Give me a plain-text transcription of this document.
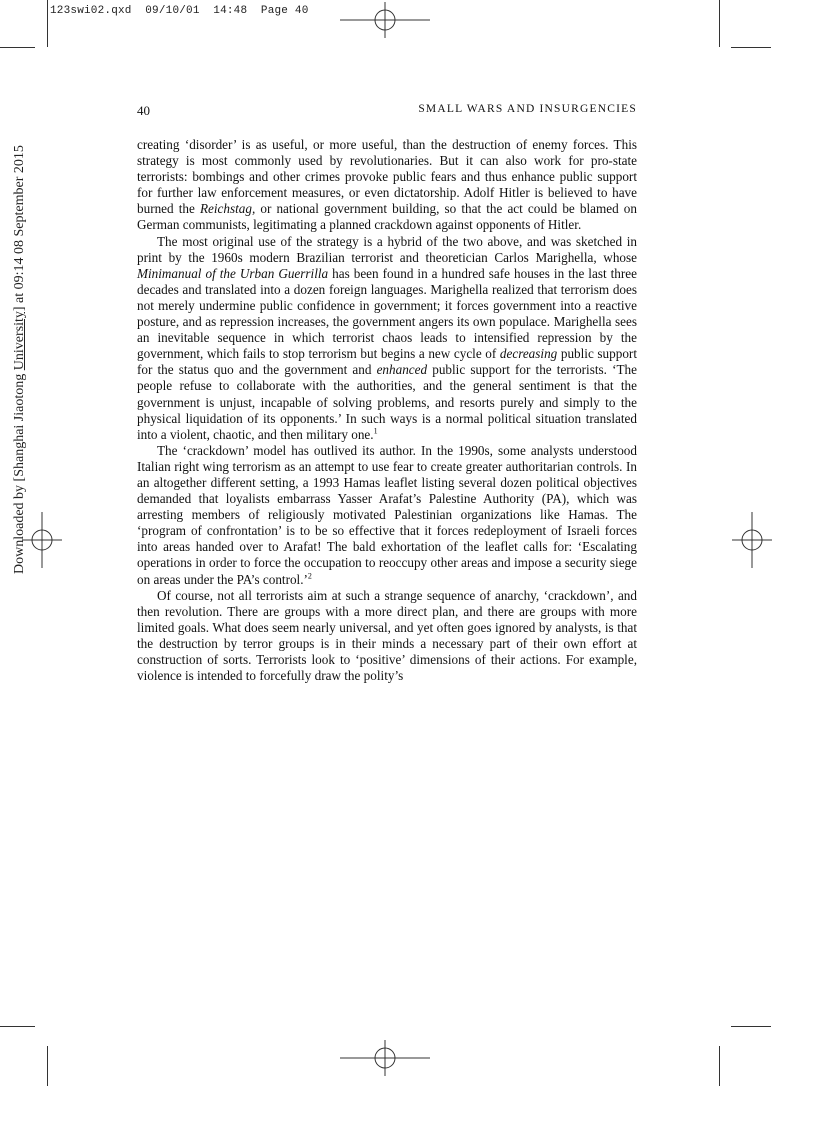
123swi02.qxd 09/10/01 14:48 Page 40
Downloaded by [Shanghai Jiaotong University] at 09:14 08 September 2015
40	SMALL WARS AND INSURGENCIES

creating ‘disorder’ is as useful, or more useful, than the destruction of enemy forces. This strategy is most commonly used by revolutionaries. But it can also work for pro-state terrorists: bombings and other crimes provoke public fears and thus enhance public support for further law enforcement measures, or even dictatorship. Adolf Hitler is believed to have burned the Reichstag, or national government building, so that the act could be blamed on German communists, legitimating a planned crackdown against opponents of Hitler.

The most original use of the strategy is a hybrid of the two above, and was sketched in print by the 1960s modern Brazilian terrorist and theoretician Carlos Marighella, whose Minimanual of the Urban Guerrilla has been found in a hundred safe houses in the last three decades and translated into a dozen foreign languages. Marighella realized that terrorism does not merely undermine public confidence in government; it forces government into a reactive posture, and as repression increases, the government angers its own populace. Marighella sees an inevitable sequence in which terrorist chaos leads to intensified repression by the government, which fails to stop terrorism but begins a new cycle of decreasing public support for the status quo and the government and enhanced public support for the terrorists. ‘The people refuse to collaborate with the authorities, and the general sentiment is that the government is unjust, incapable of solving problems, and resorts purely and simply to the physical liquidation of its opponents.’ In such ways is a normal political situation translated into a violent, chaotic, and then military one.$^1$

The ‘crackdown’ model has outlived its author. In the 1990s, some analysts understood Italian right wing terrorism as an attempt to use fear to create greater authoritarian controls. In an altogether different setting, a 1993 Hamas leaflet listing several dozen political objectives demanded that loyalists embarrass Yasser Arafat’s Palestine Authority (PA), which was arresting members of religiously motivated Palestinian organizations like Hamas. The ‘program of confrontation’ is to be so effective that it forces redeployment of Israeli forces into areas handed over to Arafat! The bald exhortation of the leaflet calls for: ‘Escalating operations in order to force the occupation to reoccupy other areas and impose a security siege on areas under the PA’s control.’$^2$

Of course, not all terrorists aim at such a strange sequence of anarchy, ‘crackdown’, and then revolution. There are groups with a more direct plan, and there are groups with more limited goals. What does seem nearly universal, and yet often goes ignored by analysts, is that the destruction by terror groups is in their minds a necessary part of their own effort at construction of sorts. Terrorists look to ‘positive’ dimensions of their actions. For example, violence is intended to forcefully draw the polity’s
